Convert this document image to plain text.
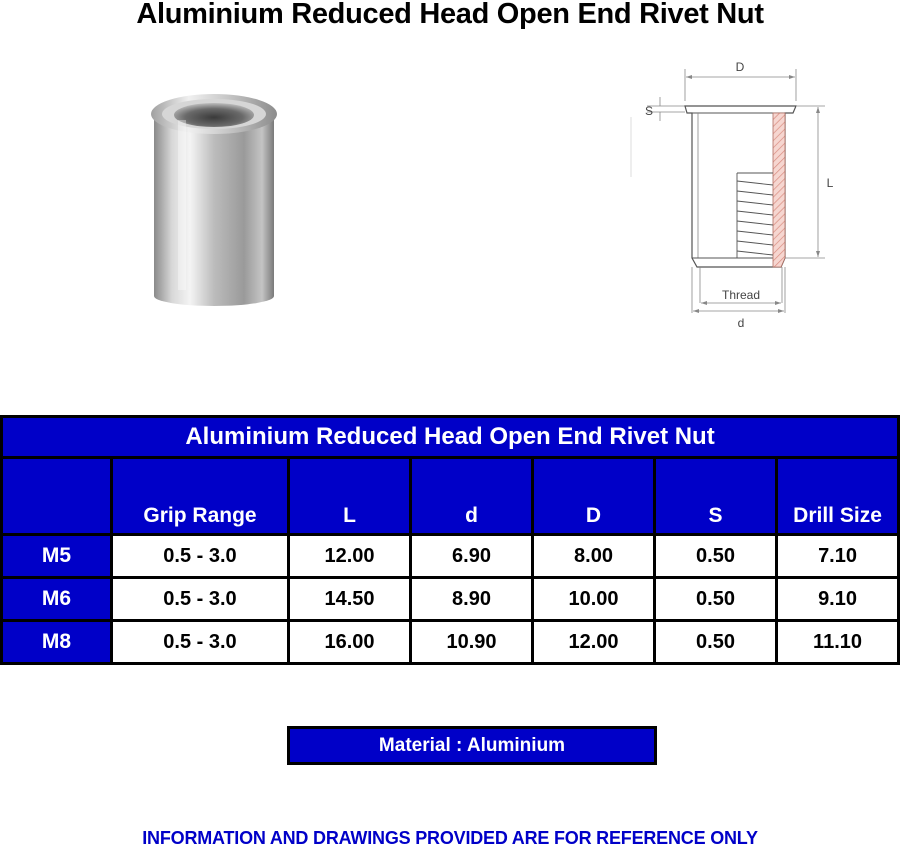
Aluminium Reduced Head Open End Rivet Nut
D
S
L
Thread
d
Aluminium Reduced Head Open End Rivet Nut						
	Grip Range	L	d	D	S	Drill Size
M5	0.5 - 3.0	12.00	6.90	8.00	0.50	7.10
M6	0.5 - 3.0	14.50	8.90	10.00	0.50	9.10
M8	0.5 - 3.0	16.00	10.90	12.00	0.50	11.10
Material : Aluminium
INFORMATION AND DRAWINGS PROVIDED ARE FOR REFERENCE ONLY
